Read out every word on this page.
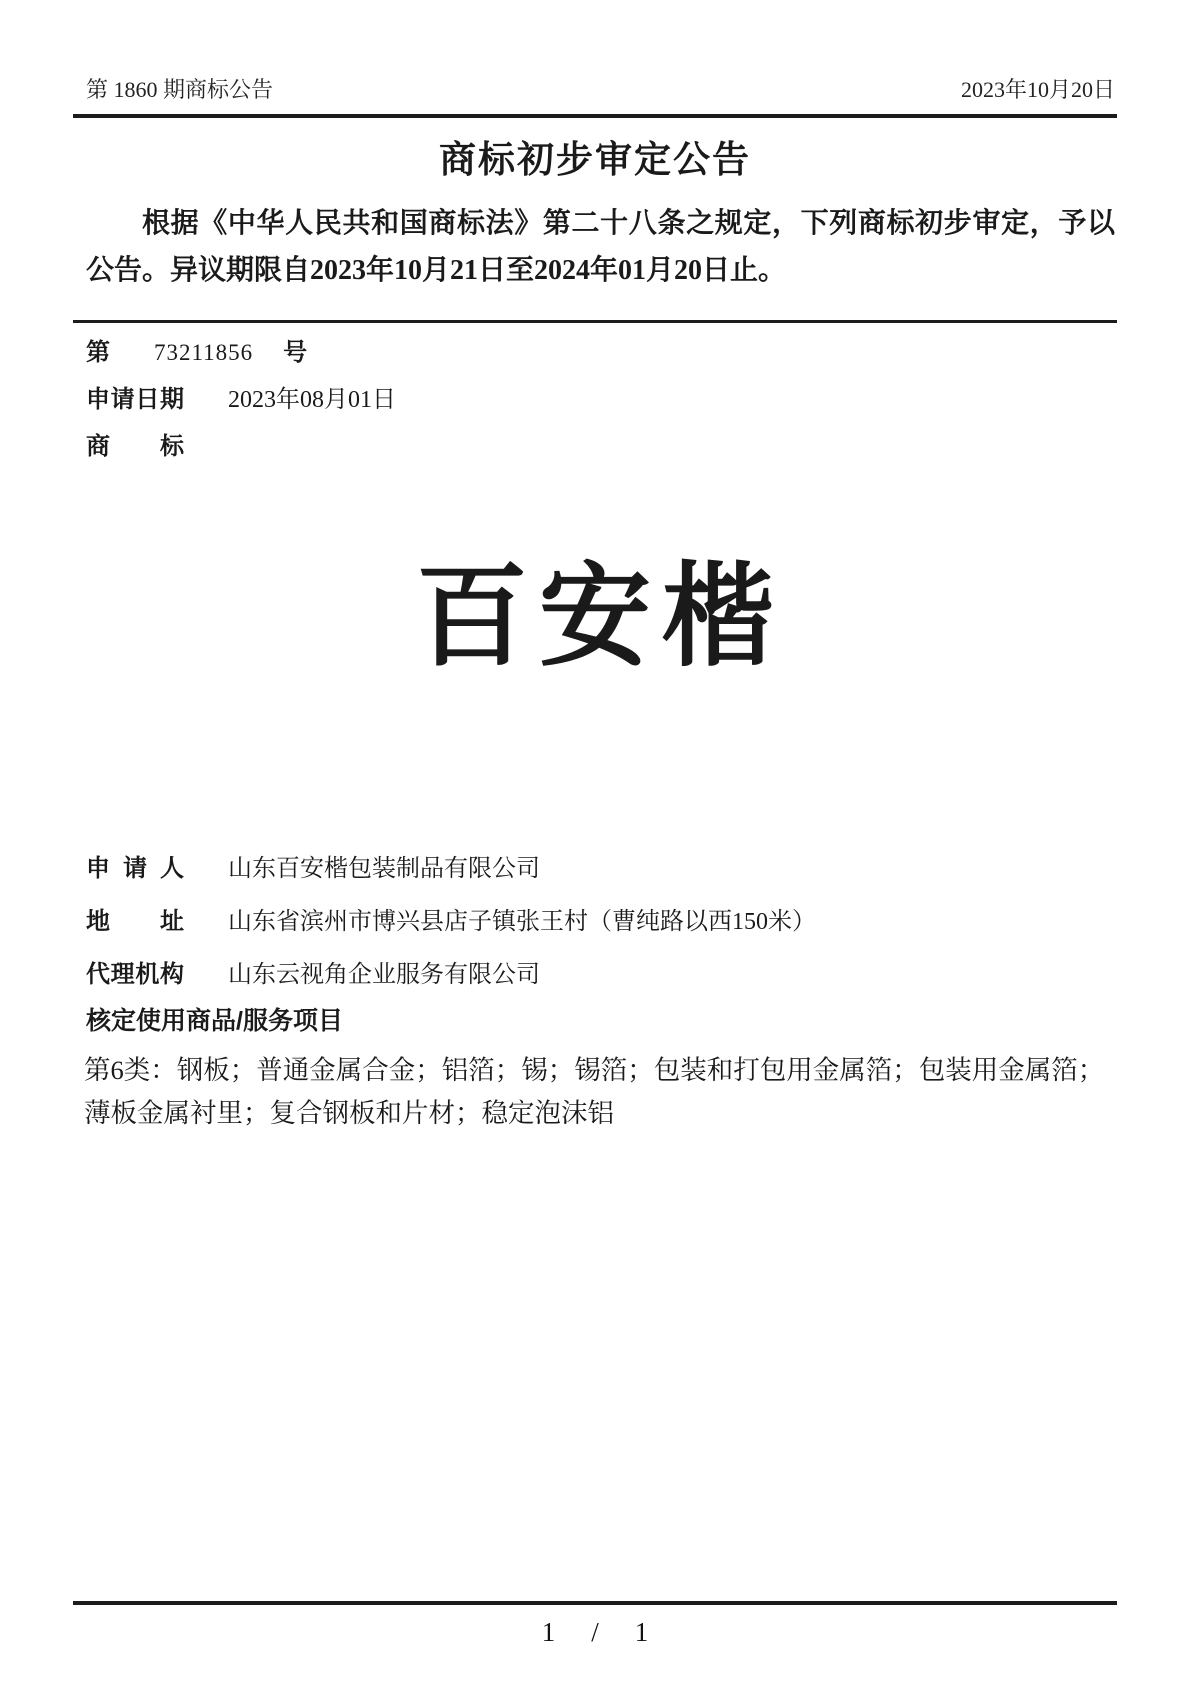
第 1860 期商标公告	2023年10月20日
商标初步审定公告

根据《中华人民共和国商标法》第二十八条之规定，下列商标初步审定，予以公告。异议期限自2023年10月21日至2024年01月20日止。

第 73211856 号
申请日期 2023年08月01日
商标
百安楷
申请人 山东百安楷包装制品有限公司
地址 山东省滨州市博兴县店子镇张王村（曹纯路以西150米）
代理机构 山东云视角企业服务有限公司
核定使用商品/服务项目

第6类：钢板；普通金属合金；铝箔；锡；锡箔；包装和打包用金属箔；包装用金属箔；薄板金属衬里；复合钢板和片材；稳定泡沫铝

1 / 1
